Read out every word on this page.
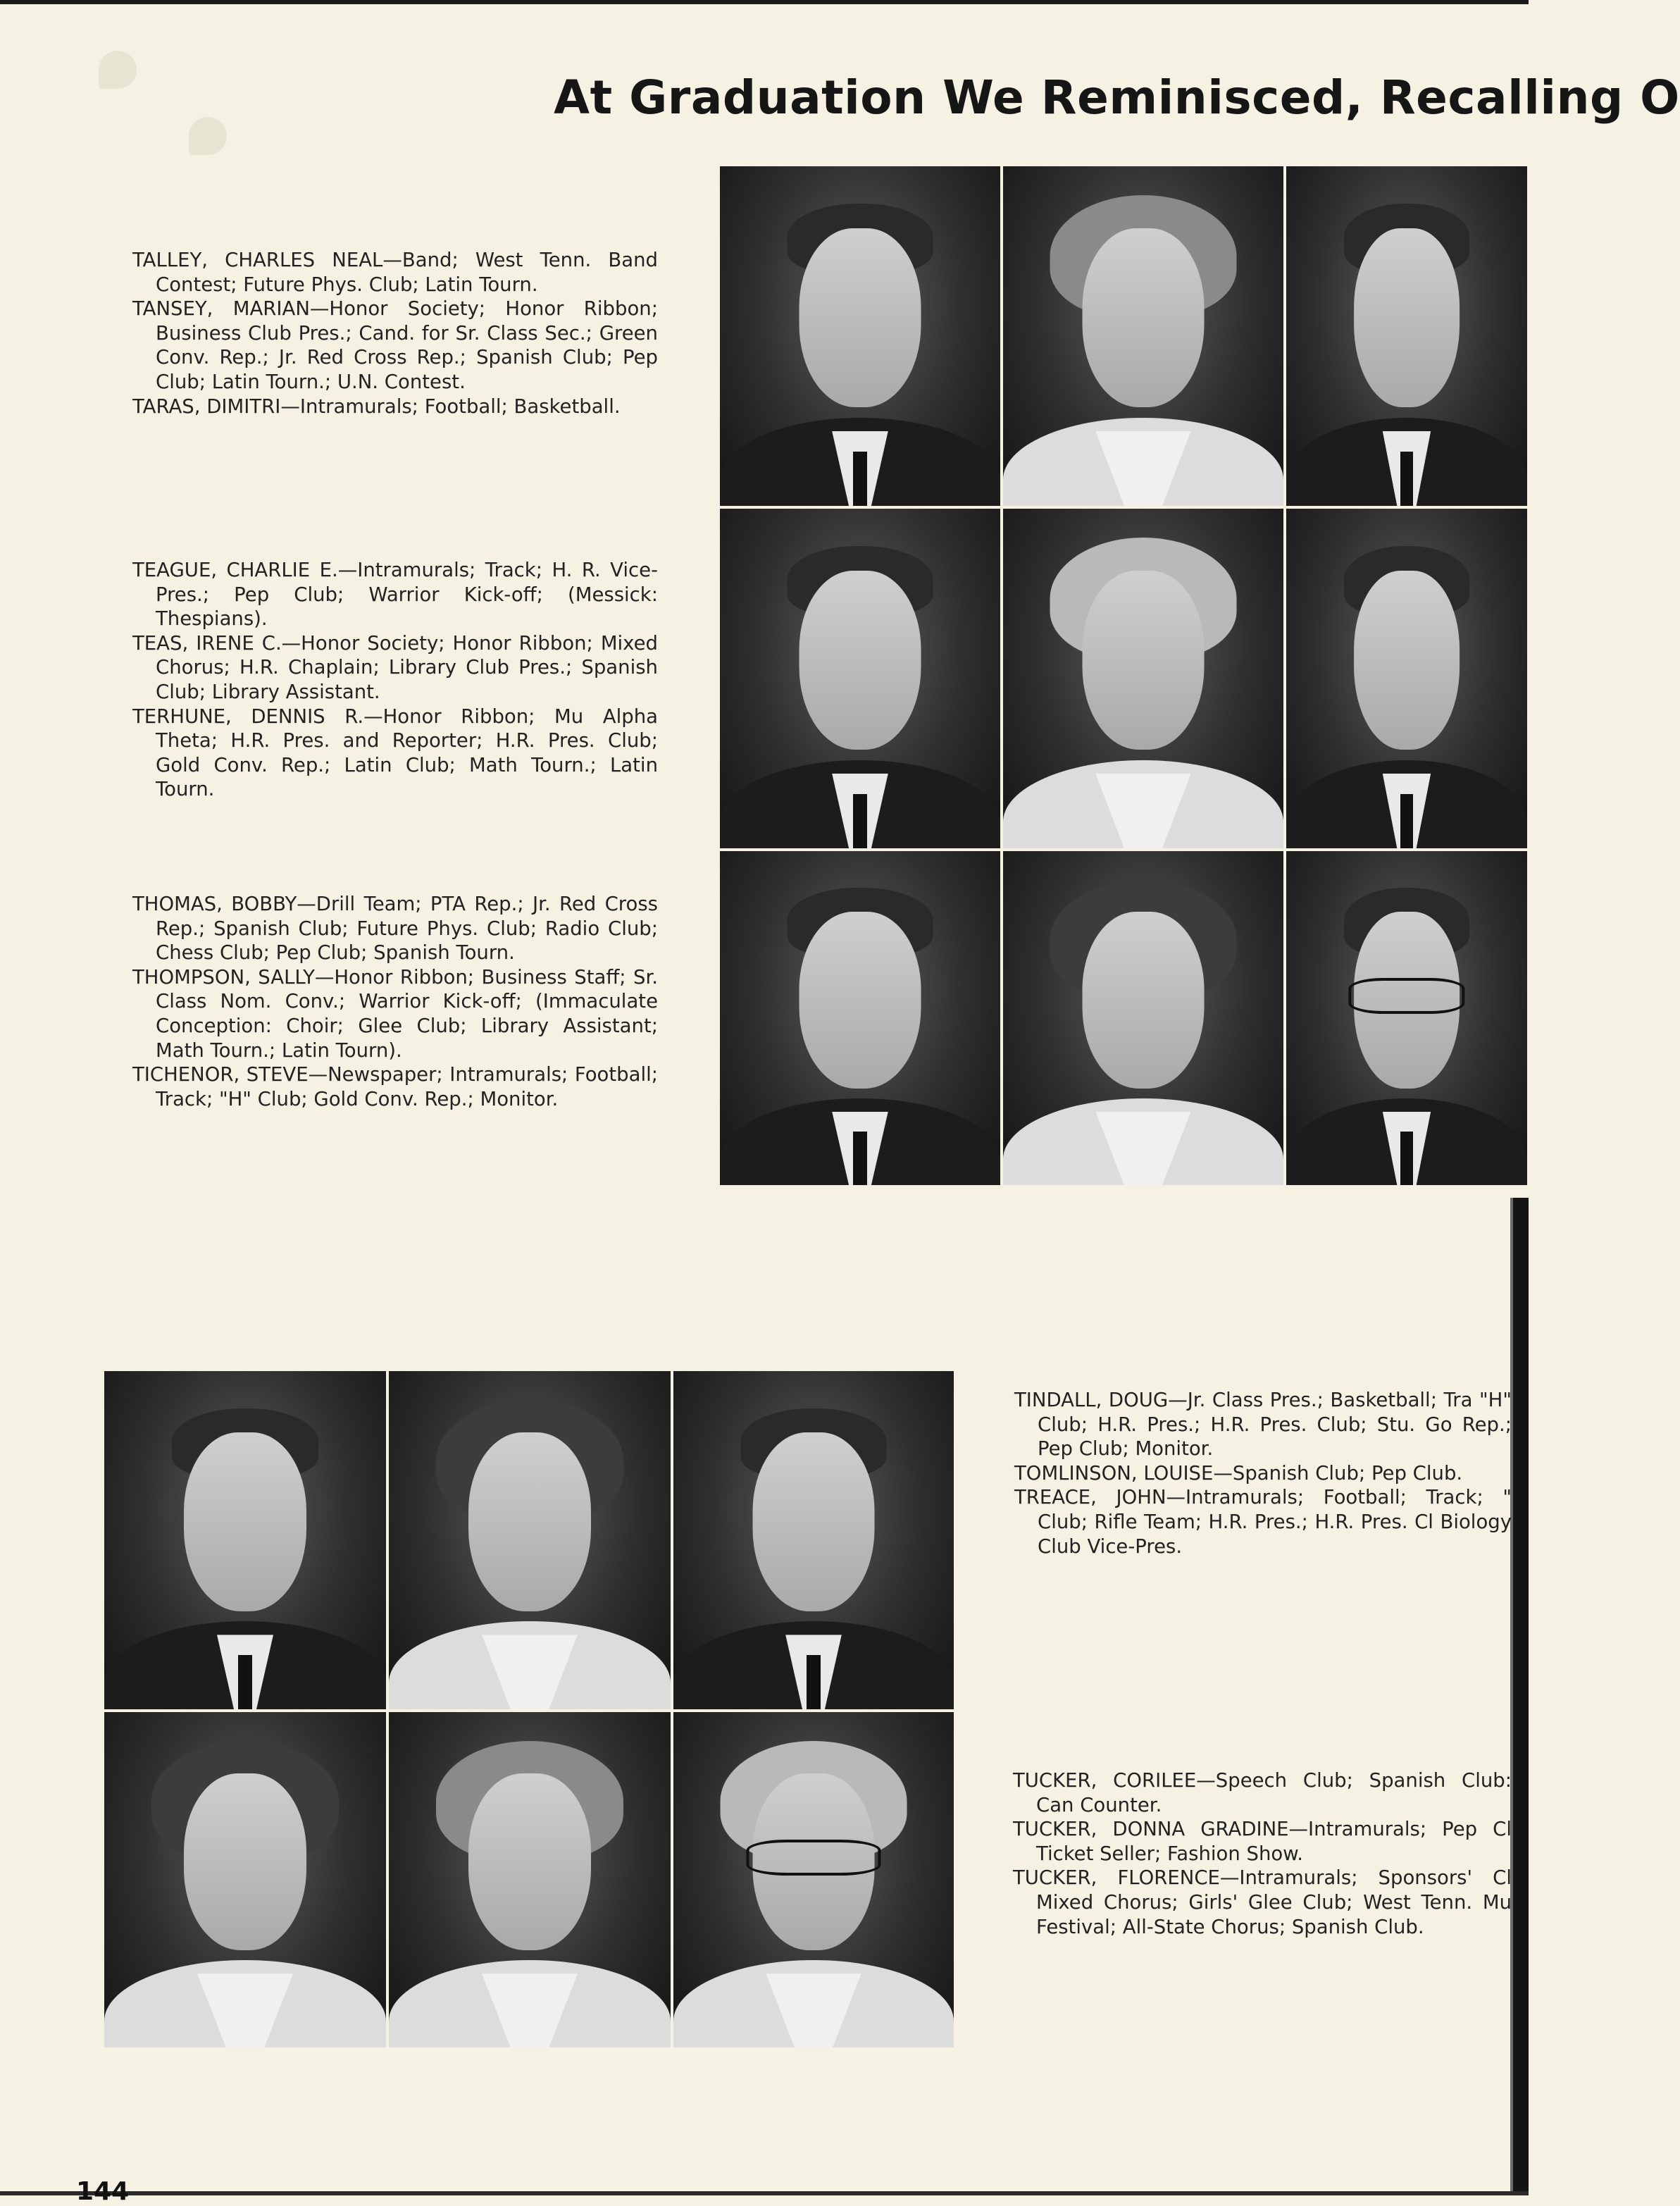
At Graduation We Reminisced, Recalling O

TALLEY, CHARLES NEAL—Band; West Tenn. Band Contest; Future Phys. Club; Latin Tourn.

TANSEY, MARIAN—Honor Society; Honor Ribbon; Business Club Pres.; Cand. for Sr. Class Sec.; Green Conv. Rep.; Jr. Red Cross Rep.; Spanish Club; Pep Club; Latin Tourn.; U.N. Contest.

TARAS, DIMITRI—Intramurals; Football; Basketball.

TEAGUE, CHARLIE E.—Intramurals; Track; H. R. Vice-Pres.; Pep Club; Warrior Kick-off; (Messick: Thespians).

TEAS, IRENE C.—Honor Society; Honor Ribbon; Mixed Chorus; H.R. Chaplain; Library Club Pres.; Spanish Club; Library Assistant.

TERHUNE, DENNIS R.—Honor Ribbon; Mu Alpha Theta; H.R. Pres. and Reporter; H.R. Pres. Club; Gold Conv. Rep.; Latin Club; Math Tourn.; Latin Tourn.

THOMAS, BOBBY—Drill Team; PTA Rep.; Jr. Red Cross Rep.; Spanish Club; Future Phys. Club; Radio Club; Chess Club; Pep Club; Spanish Tourn.

THOMPSON, SALLY—Honor Ribbon; Business Staff; Sr. Class Nom. Conv.; Warrior Kick-off; (Immaculate Conception: Choir; Glee Club; Library Assistant; Math Tourn.; Latin Tourn).

TICHENOR, STEVE—Newspaper; Intramurals; Football; Track; "H" Club; Gold Conv. Rep.; Monitor.

TINDALL, DOUG—Jr. Class Pres.; Basketball; Tra "H" Club; H.R. Pres.; H.R. Pres. Club; Stu. Go Rep.; Pep Club; Monitor.

TOMLINSON, LOUISE—Spanish Club; Pep Club.

TREACE, JOHN—Intramurals; Football; Track; " Club; Rifle Team; H.R. Pres.; H.R. Pres. Cl Biology Club Vice-Pres.

TUCKER, CORILEE—Speech Club; Spanish Club: Can Counter.

TUCKER, DONNA GRADINE—Intramurals; Pep Cl Ticket Seller; Fashion Show.

TUCKER, FLORENCE—Intramurals; Sponsors' Cl Mixed Chorus; Girls' Glee Club; West Tenn. Mu Festival; All-State Chorus; Spanish Club.

144
